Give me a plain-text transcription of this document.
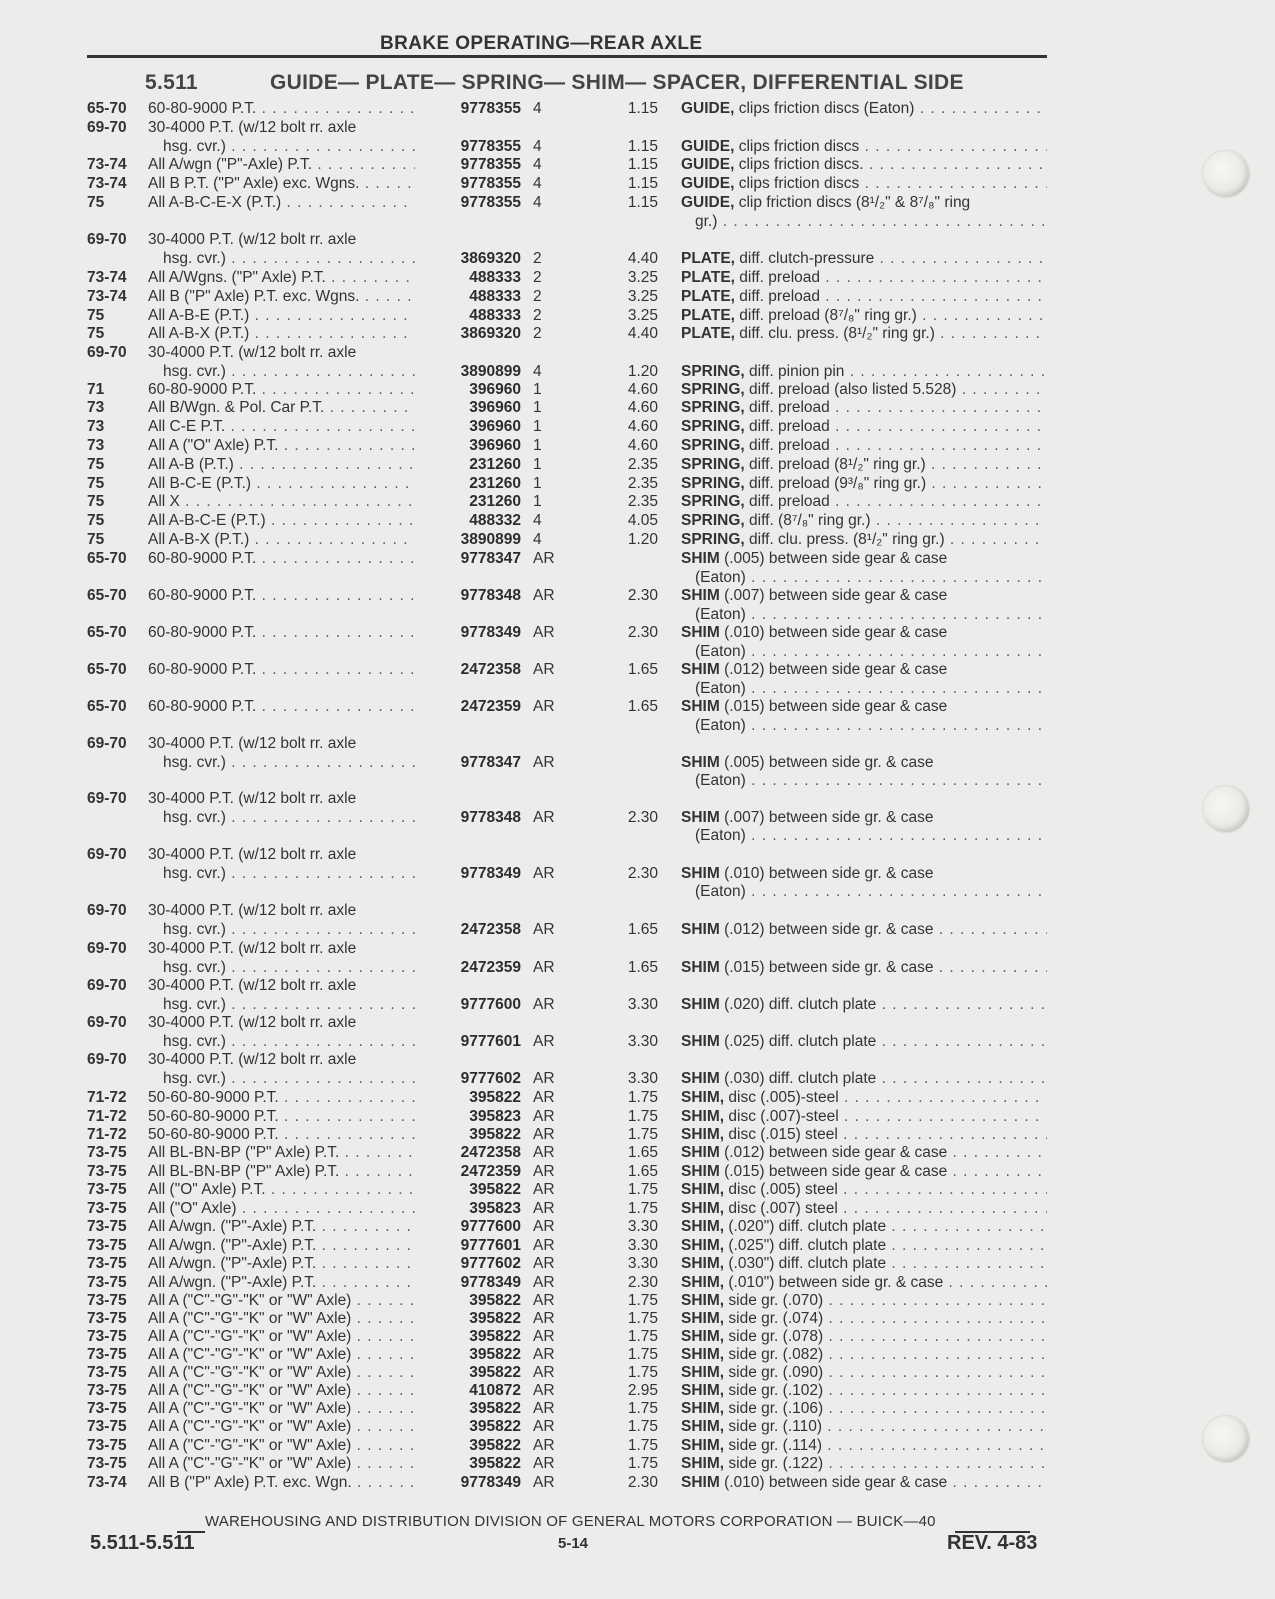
BRAKE OPERATING—REAR AXLE
5.511	GUIDE— PLATE— SPRING— SHIM— SPACER, DIFFERENTIAL SIDE
65-70 60-80-9000 P.T. . . .	9778355 4	1.15 GUIDE, clips friction discs (Eaton) . . .
69-70 30-4000 P.T. (w/12 bolt rr. axle
hsg. cvr.) . . .	9778355 4	1.15 GUIDE, clips friction discs . . .
73-74 All A/wgn ("P"-Axle) P.T. . . .	9778355 4	1.15 GUIDE, clips friction discs. . . .
73-74 All B P.T. ("P" Axle) exc. Wgns. . . .	9778355 4	1.15 GUIDE, clips friction discs . . .
75	All A-B-C-E-X (P.T.) . . .	9778355 4	1.15 GUIDE, clip friction discs (8¹/₂" & 8⁷/₈" ring
gr.) . . .
69-70 30-4000 P.T. (w/12 bolt rr. axle
hsg. cvr.) . . .	3869320 2	4.40 PLATE, diff. clutch-pressure . . .
73-74 All A/Wgns. ("P" Axle) P.T. . . .	488333 2	3.25 PLATE, diff. preload . . .
73-74 All B ("P" Axle) P.T. exc. Wgns. . . .	488333 2	3.25 PLATE, diff. preload . . .
75	All A-B-E (P.T.) . . .	488333 2	3.25 PLATE, diff. preload (8⁷/₈" ring gr.) . . .
75	All A-B-X (P.T.) . . .	3869320 2	4.40 PLATE, diff. clu. press. (8¹/₂" ring gr.) . . .
69-70 30-4000 P.T. (w/12 bolt rr. axle
hsg. cvr.) . . .	3890899 4	1.20 SPRING, diff. pinion pin . . .
71	60-80-9000 P.T. . . .	396960 1	4.60 SPRING, diff. preload (also listed 5.528) . . .
73	All B/Wgn. & Pol. Car P.T. . . .	396960 1	4.60 SPRING, diff. preload . . .
73	All C-E P.T. . . .	396960 1	4.60 SPRING, diff. preload . . .
73	All A ("O" Axle) P.T. . . .	396960 1	4.60 SPRING, diff. preload . . .
75	All A-B (P.T.) . . .	231260 1	2.35 SPRING, diff. preload (8¹/₂" ring gr.) . . .
75	All B-C-E (P.T.) . . .	231260 1	2.35 SPRING, diff. preload (9³/₈" ring gr.) . . .
75	All X . . .	231260 1	2.35 SPRING, diff. preload . . .
75	All A-B-C-E (P.T.) . . .	488332 4	4.05 SPRING, diff. (8⁷/₈" ring gr.) . . .
75	All A-B-X (P.T.) . . .	3890899 4	1.20 SPRING, diff. clu. press. (8¹/₂" ring gr.) . . .
65-70 60-80-9000 P.T. . . .	9778347 AR	SHIM (.005) between side gear & case
(Eaton) . . .
65-70 60-80-9000 P.T. . . .	9778348 AR	2.30 SHIM (.007) between side gear & case
(Eaton) . . .
65-70 60-80-9000 P.T. . . .	9778349 AR	2.30 SHIM (.010) between side gear & case
(Eaton) . . .
65-70 60-80-9000 P.T. . . .	2472358 AR	1.65 SHIM (.012) between side gear & case
(Eaton) . . .
65-70 60-80-9000 P.T. . . .	2472359 AR	1.65 SHIM (.015) between side gear & case
(Eaton) . . .
69-70 30-4000 P.T. (w/12 bolt rr. axle
hsg. cvr.) . . .	9778347 AR	SHIM (.005) between side gr. & case
(Eaton) . . .
69-70 30-4000 P.T. (w/12 bolt rr. axle
hsg. cvr.) . . .	9778348 AR	2.30 SHIM (.007) between side gr. & case
(Eaton) . . .
69-70 30-4000 P.T. (w/12 bolt rr. axle
hsg. cvr.) . . .	9778349 AR	2.30 SHIM (.010) between side gr. & case
(Eaton) . . .
69-70 30-4000 P.T. (w/12 bolt rr. axle
hsg. cvr.) . . .	2472358 AR	1.65 SHIM (.012) between side gr. & case . . .
69-70 30-4000 P.T. (w/12 bolt rr. axle
hsg. cvr.) . . .	2472359 AR	1.65 SHIM (.015) between side gr. & case . . .
69-70 30-4000 P.T. (w/12 bolt rr. axle
hsg. cvr.) . . .	9777600 AR	3.30 SHIM (.020) diff. clutch plate . . .
69-70 30-4000 P.T. (w/12 bolt rr. axle
hsg. cvr.) . . .	9777601 AR	3.30 SHIM (.025) diff. clutch plate . . .
69-70 30-4000 P.T. (w/12 bolt rr. axle
hsg. cvr.) . . .	9777602 AR	3.30 SHIM (.030) diff. clutch plate . . .
71-72 50-60-80-9000 P.T. . . .	395822 AR	1.75 SHIM, disc (.005)-steel . . .
71-72 50-60-80-9000 P.T. . . .	395823 AR	1.75 SHIM, disc (.007)-steel . . .
71-72 50-60-80-9000 P.T. . . .	395822 AR	1.75 SHIM, disc (.015) steel . . .
73-75 All BL-BN-BP ("P" Axle) P.T. . . .	2472358 AR	1.65 SHIM (.012) between side gear & case . . .
73-75 All BL-BN-BP ("P" Axle) P.T. . . .	2472359 AR	1.65 SHIM (.015) between side gear & case . . .
73-75 All ("O" Axle) P.T. . . .	395822 AR	1.75 SHIM, disc (.005) steel . . .
73-75 All ("O" Axle) . . .	395823 AR	1.75 SHIM, disc (.007) steel . . .
73-75 All A/wgn. ("P"-Axle) P.T. . . .	9777600 AR	3.30 SHIM, (.020") diff. clutch plate . . .
73-75 All A/wgn. ("P"-Axle) P.T. . . .	9777601 AR	3.30 SHIM, (.025") diff. clutch plate . . .
73-75 All A/wgn. ("P"-Axle) P.T. . . .	9777602 AR	3.30 SHIM, (.030") diff. clutch plate . . .
73-75 All A/wgn. ("P"-Axle) P.T. . . .	9778349 AR	2.30 SHIM, (.010") between side gr. & case . . .
73-75 All A ("C"-"G"-"K" or "W" Axle) . . .	395822 AR	1.75 SHIM, side gr. (.070) . . .
73-75 All A ("C"-"G"-"K" or "W" Axle) . . .	395822 AR	1.75 SHIM, side gr. (.074) . . .
73-75 All A ("C"-"G"-"K" or "W" Axle) . . .	395822 AR	1.75 SHIM, side gr. (.078) . . .
73-75 All A ("C"-"G"-"K" or "W" Axle) . . .	395822 AR	1.75 SHIM, side gr. (.082) . . .
73-75 All A ("C"-"G"-"K" or "W" Axle) . . .	395822 AR	1.75 SHIM, side gr. (.090) . . .
73-75 All A ("C"-"G"-"K" or "W" Axle) . . .	410872 AR	2.95 SHIM, side gr. (.102) . . .
73-75 All A ("C"-"G"-"K" or "W" Axle) . . .	395822 AR	1.75 SHIM, side gr. (.106) . . .
73-75 All A ("C"-"G"-"K" or "W" Axle) . . .	395822 AR	1.75 SHIM, side gr. (.110) . . .
73-75 All A ("C"-"G"-"K" or "W" Axle) . . .	395822 AR	1.75 SHIM, side gr. (.114) . . .
73-75 All A ("C"-"G"-"K" or "W" Axle) . . .	395822 AR	1.75 SHIM, side gr. (.122) . . .
73-74 All B ("P" Axle) P.T. exc. Wgn. . . .	9778349 AR	2.30 SHIM (.010) between side gear & case . . .
WAREHOUSING AND DISTRIBUTION DIVISION OF GENERAL MOTORS CORPORATION — BUICK—40
5.511-5.511	5-14	REV. 4-83
